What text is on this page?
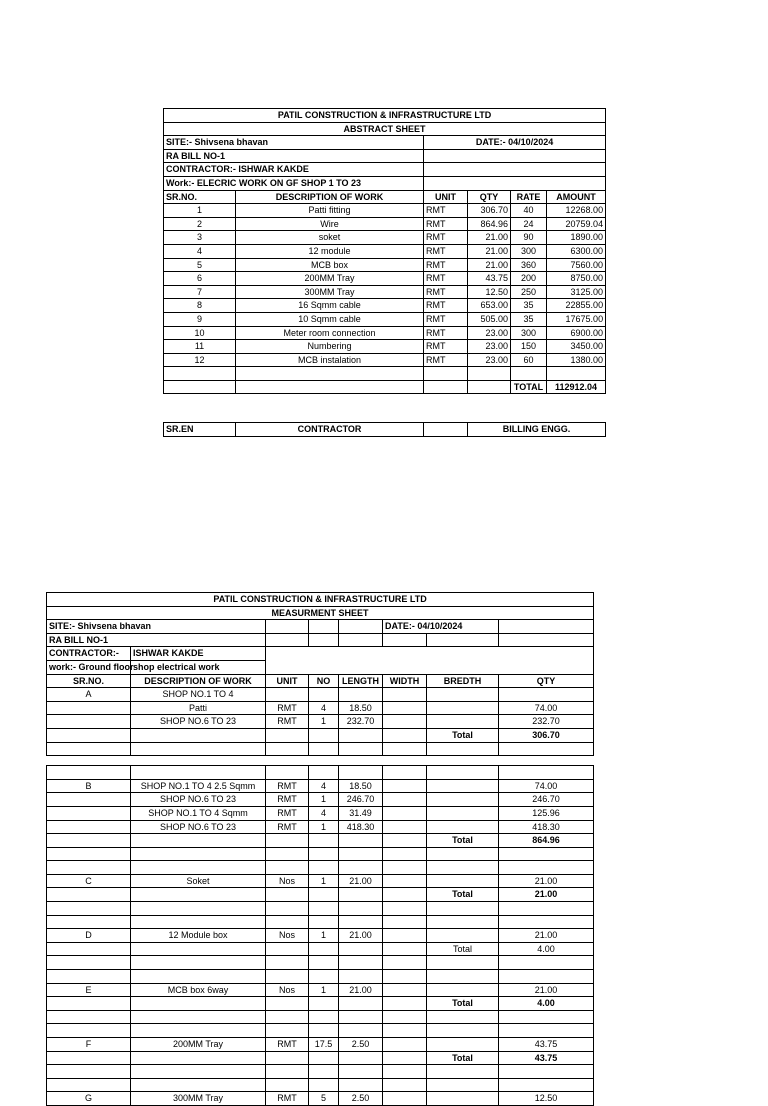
PATIL CONSTRUCTION & INFRASTRUCTURE LTD					
ABSTRACT SHEET					
SITE:- Shivsena bhavan		DATE:- 04/10/2024			
RA BILL NO-1					
CONTRACTOR:- ISHWAR KAKDE					
Work:- ELECRIC WORK ON GF SHOP 1 TO 23					
SR.NO.	DESCRIPTION OF WORK	UNIT	QTY	RATE	AMOUNT
1	Patti fitting	RMT	306.70	40	12268.00
2	Wire	RMT	864.96	24	20759.04
3	soket	RMT	21.00	90	1890.00
4	12 module	RMT	21.00	300	6300.00
5	MCB box	RMT	21.00	360	7560.00
6	200MM Tray	RMT	43.75	200	8750.00
7	300MM Tray	RMT	12.50	250	3125.00
8	16 Sqmm cable	RMT	653.00	35	22855.00
9	10 Sqmm cable	RMT	505.00	35	17675.00
10	Meter room connection	RMT	23.00	300	6900.00
11	Numbering	RMT	23.00	150	3450.00
12	MCB instalation	RMT	23.00	60	1380.00

				TOTAL	112912.04
SR.EN	CONTRACTOR		BILLING ENGG.
PATIL CONSTRUCTION & INFRASTRUCTURE LTD							
MEASURMENT SHEET							
SITE:- Shivsena bhavan					DATE:- 04/10/2024		
RA BILL NO-1							
CONTRACTOR:-	ISHWAR KAKDE						
work:- Ground floor	shop electrical work						
SR.NO.	DESCRIPTION OF WORK	UNIT	NO	LENGTH	WIDTH	BREDTH	QTY
A	SHOP NO.1 TO 4						
	Patti	RMT	4	18.50			74.00
	SHOP NO.6 TO 23	RMT	1	232.70			232.70
						Total	306.70

B	SHOP NO.1 TO 4 2.5 Sqmm	RMT	4	18.50			74.00
	SHOP NO.6 TO 23	RMT	1	246.70			246.70
	SHOP NO.1 TO 4 Sqmm	RMT	4	31.49			125.96
	SHOP NO.6 TO 23	RMT	1	418.30			418.30
						Total	864.96

C	Soket	Nos	1	21.00			21.00
						Total	21.00

D	12 Module box	Nos	1	21.00			21.00
						Total	4.00

E	MCB box 6way	Nos	1	21.00			21.00
						Total	4.00

F	200MM Tray	RMT	17.5	2.50			43.75
						Total	43.75

G	300MM Tray	RMT	5	2.50			12.50
